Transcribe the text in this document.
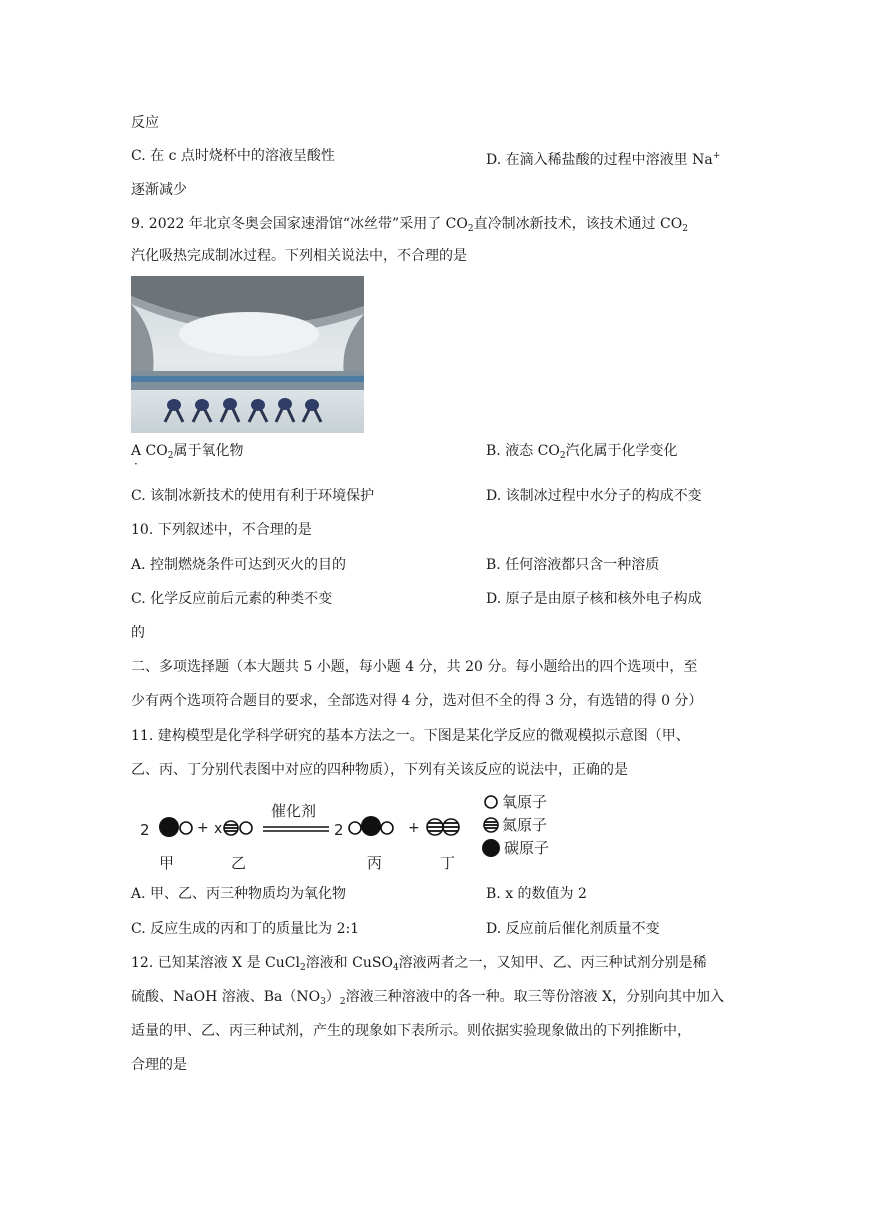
反应
C. 在 c 点时烧杯中的溶液呈酸性	D. 在滴入稀盐酸的过程中溶液里 Na+
逐渐减少
9. 2022 年北京冬奥会国家速滑馆“冰丝带”采用了 $CO_2$直冷制冰新技术，该技术通过 $CO_2$
汽化吸热完成制冰过程。下列相关说法中，不合理的是
A $CO_2$属于氧化物	B. 液态 $CO_2$汽化属于化学变化
·
C. 该制冰新技术的使用有利于环境保护	D. 该制冰过程中水分子的构成不变
10. 下列叙述中，不合理的是
A. 控制燃烧条件可达到灭火的目的	B. 任何溶液都只含一种溶质
C. 化学反应前后元素的种类不变	D. 原子是由原子核和核外电子构成
的
二、多项选择题（本大题共 5 小题，每小题 4 分，共 20 分。每小题给出的四个选项中，至
少有两个选项符合题目的要求，全部选对得 4 分，选对但不全的得 3 分，有选错的得 0 分）
11. 建构模型是化学科学研究的基本方法之一。下图是某化学反应的微观模拟示意图（甲、
乙、丙、丁分别代表图中对应的四种物质），下列有关该反应的说法中，正确的是
2	+ x
催化剂
2	+
甲	乙	丙	丁
氧原子
氮原子
碳原子
A. 甲、乙、丙三种物质均为氧化物	B. x 的数值为 2
C. 反应生成的丙和丁的质量比为 2:1	D. 反应前后催化剂质量不变
12. 已知某溶液 X 是 CuCl$_2$溶液和 CuSO$_4$溶液两者之一，又知甲、乙、丙三种试剂分别是稀
硫酸、NaOH 溶液、$Ba(NO_3)_2$溶液三种溶液中的各一种。取三等份溶液 X，分别向其中加入
适量的甲、乙、丙三种试剂，产生的现象如下表所示。则依据实验现象做出的下列推断中，
合理的是
